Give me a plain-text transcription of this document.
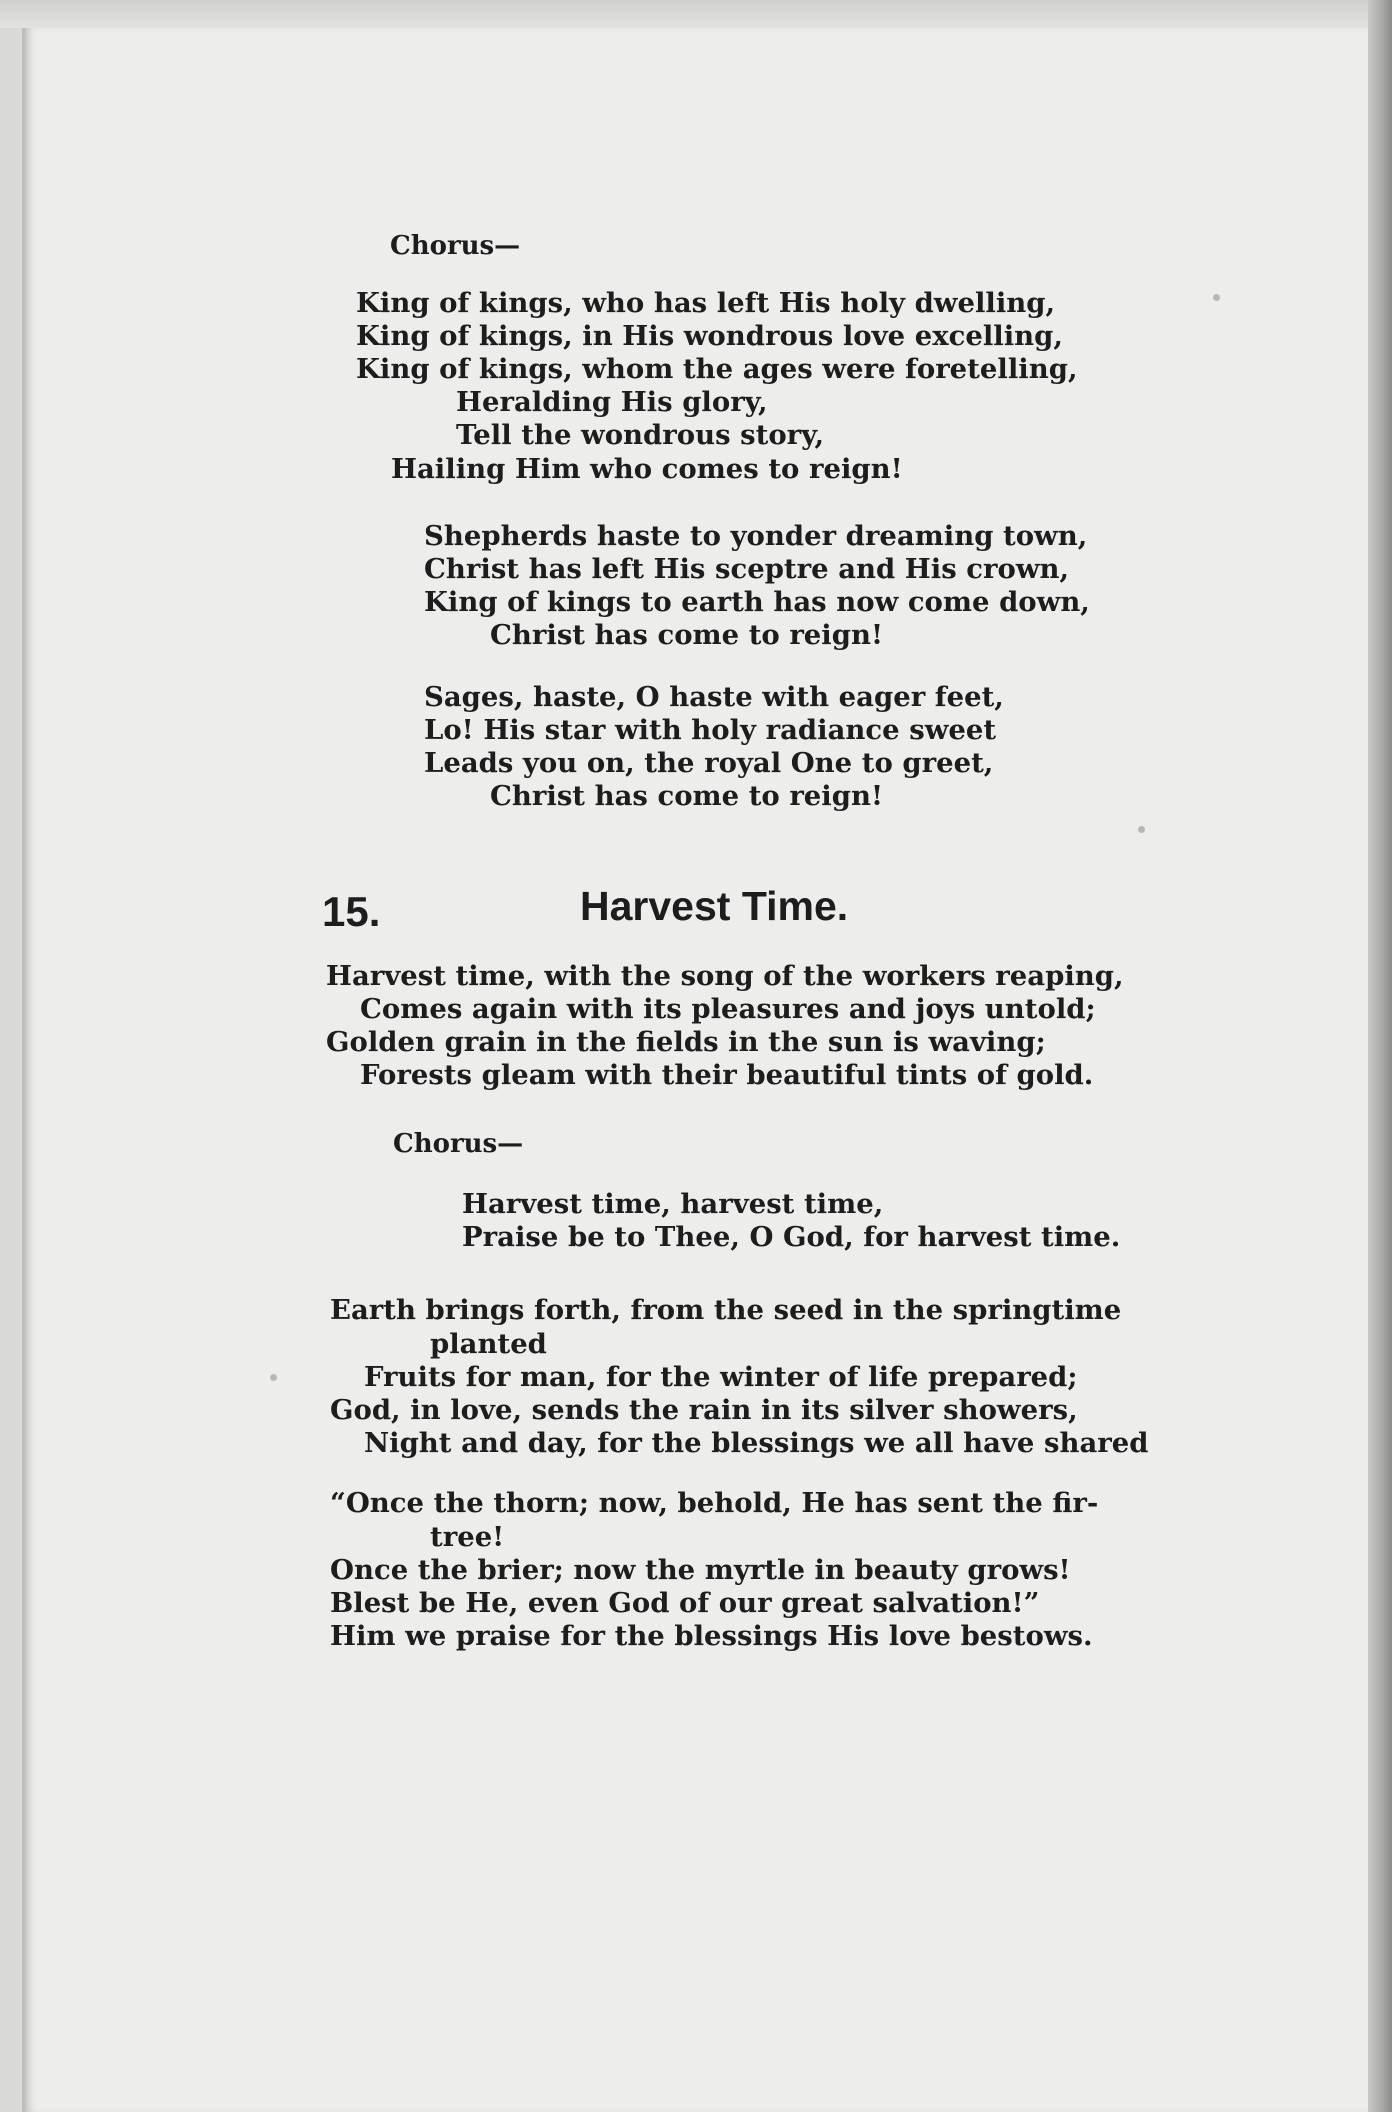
Chorus—
King of kings, who has left His holy dwelling,
King of kings, in His wondrous love excelling,
King of kings, whom the ages were foretelling,
Heralding His glory,
Tell the wondrous story,
Hailing Him who comes to reign!
Shepherds haste to yonder dreaming town,
Christ has left His sceptre and His crown,
King of kings to earth has now come down,
Christ has come to reign!
Sages, haste, O haste with eager feet,
Lo! His star with holy radiance sweet
Leads you on, the royal One to greet,
Christ has come to reign!
Harvest time, with the song of the workers reaping,
Comes again with its pleasures and joys untold;
Golden grain in the fields in the sun is waving;
Forests gleam with their beautiful tints of gold.
Chorus—
Harvest time, harvest time,
Praise be to Thee, O God, for harvest time.
Earth brings forth, from the seed in the springtime
planted
Fruits for man, for the winter of life prepared;
God, in love, sends the rain in its silver showers,
Night and day, for the blessings we all have shared
“Once the thorn; now, behold, He has sent the fir-
tree!
Once the brier; now the myrtle in beauty grows!
Blest be He, even God of our great salvation!”
Him we praise for the blessings His love bestows.
15.	Harvest Time.
